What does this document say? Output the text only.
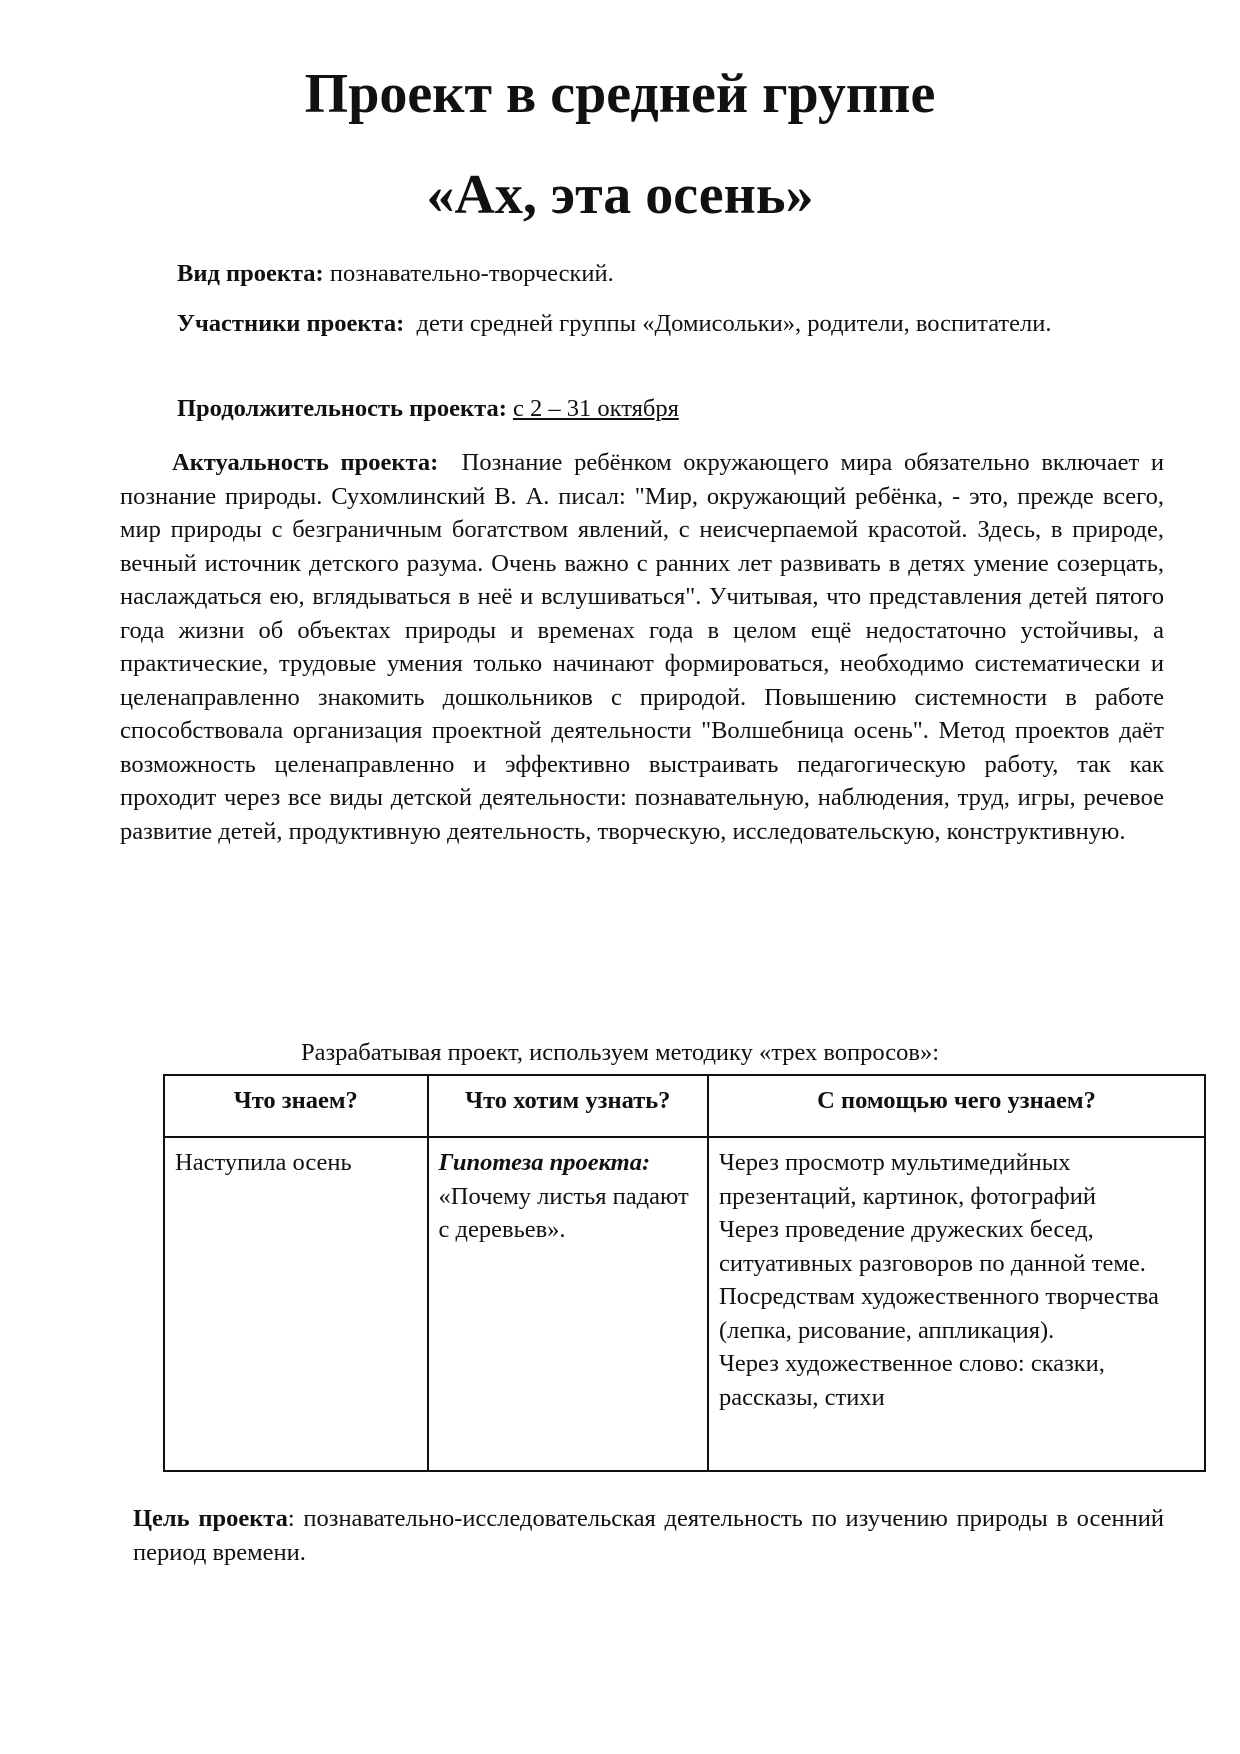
Проект в средней группе
«Ах, эта осень»

Вид проекта: познавательно-творческий.

Участники проекта:  дети средней группы «Домисольки», родители, воспитатели.

Продолжительность проекта: с 2 – 31 октября

Актуальность проекта:  Познание ребёнком окружающего мира обязательно включает и познание природы. Сухомлинский В. А. писал: "Мир, окружающий ребёнка, - это, прежде всего, мир природы с безграничным богатством явлений, с неисчерпаемой красотой. Здесь, в природе, вечный источник детского разума. Очень важно с ранних лет развивать в детях умение созерцать, наслаждаться ею, вглядываться в неё и вслушиваться". Учитывая, что представления детей пятого года жизни об объектах природы и временах года в целом ещё недостаточно устойчивы, а практические, трудовые умения только начинают формироваться, необходимо систематически и целенаправленно знакомить дошкольников с природой. Повышению системности в работе способствовала организация проектной деятельности "Волшебница осень". Метод проектов даёт возможность целенаправленно и эффективно выстраивать педагогическую работу, так как проходит через все виды детской деятельности: познавательную, наблюдения, труд, игры, речевое развитие детей, продуктивную деятельность, творческую, исследовательскую, конструктивную.

Разрабатывая проект, используем методику «трех вопросов»:

Что знаем?	Что хотим узнать?	С помощью чего узнаем?
Наступила осень	Гипотеза проекта: «Почему листья падают с деревьев».	Через просмотр мультимедийных презентаций, картинок, фотографий
Через проведение дружеских бесед, ситуативных разговоров по данной теме.
Посредствам художественного творчества (лепка, рисование, аппликация).
Через художественное слово: сказки, рассказы, стихи

Цель проекта: познавательно-исследовательская деятельность по изучению природы в осенний период времени.
